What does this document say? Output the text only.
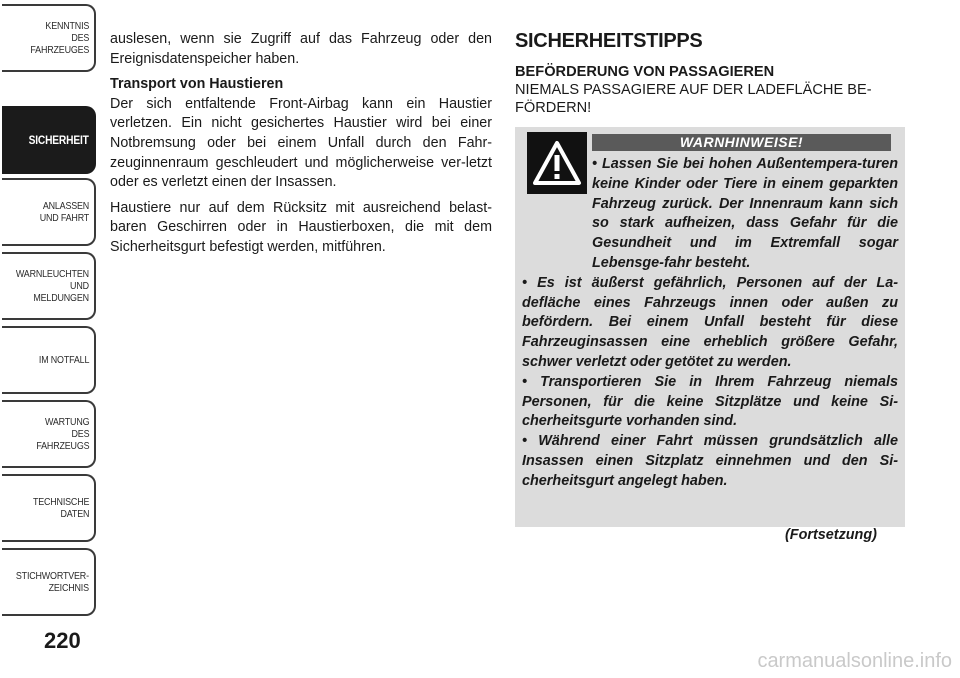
KENNTNIS
DES
FAHRZEUGES
SICHERHEIT
ANLASSEN
UND FAHRT
WARNLEUCHTEN
UND
MELDUNGEN
IM NOTFALL
WARTUNG
DES
FAHRZEUGS
TECHNISCHE
DATEN
STICHWORTVER-
ZEICHNIS
220

auslesen, wenn sie Zugriff auf das Fahrzeug oder den Ereignisdatenspeicher haben.

Transport von Haustieren

Der sich entfaltende Front-Airbag kann ein Haustier verletzen. Ein nicht gesichertes Haustier wird bei einer Notbremsung oder bei einem Unfall durch den Fahr-zeuginnenraum geschleudert und möglicherweise ver-letzt oder es verletzt einen der Insassen.

Haustiere nur auf dem Rücksitz mit ausreichend belast-baren Geschirren oder in Haustierboxen, die mit dem Sicherheitsgurt befestigt werden, mitführen.

SICHERHEITSTIPPS
BEFÖRDERUNG VON PASSAGIEREN
NIEMALS PASSAGIERE AUF DER LADEFLÄCHE BE-FÖRDERN!
WARNHINWEISE!

• Lassen Sie bei hohen Außentempera-turen keine Kinder oder Tiere in einem geparkten Fahrzeug zurück. Der Innenraum kann sich so stark aufheizen, dass Gefahr für die Gesundheit und im Extremfall sogar Lebensge-fahr besteht.

• Es ist äußerst gefährlich, Personen auf der La-defläche eines Fahrzeugs innen oder außen zu befördern. Bei einem Unfall besteht für diese Fahrzeuginsassen eine erheblich größere Gefahr, schwer verletzt oder getötet zu werden.

• Transportieren Sie in Ihrem Fahrzeug niemals Personen, für die keine Sitzplätze und keine Si-cherheitsgurte vorhanden sind.

• Während einer Fahrt müssen grundsätzlich alle Insassen einen Sitzplatz einnehmen und den Si-cherheitsgurt angelegt haben.

(Fortsetzung)
carmanualsonline.info
